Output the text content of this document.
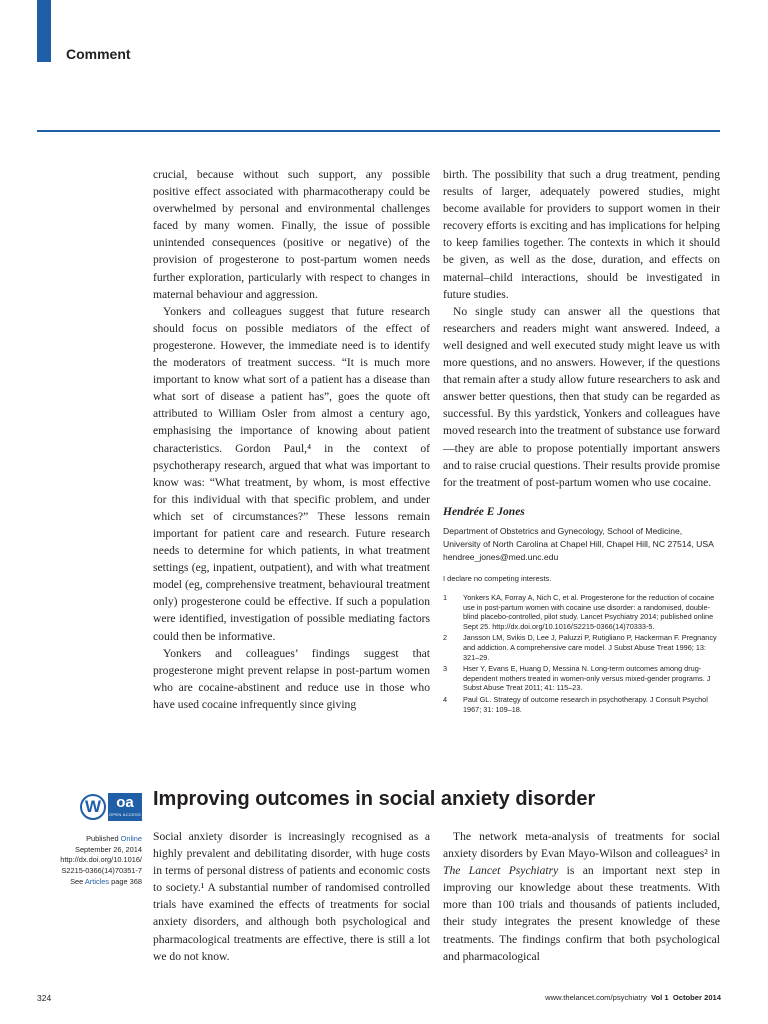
Comment

crucial, because without such support, any possible positive effect associated with pharmacotherapy could be overwhelmed by personal and environmental challenges faced by many women. Finally, the issue of possible unintended consequences (positive or negative) of the provision of progesterone to post-partum women needs further exploration, particularly with respect to changes in maternal behaviour and aggression.

Yonkers and colleagues suggest that future research should focus on possible mediators of the effect of progesterone. However, the immediate need is to identify the moderators of treatment success. “It is much more important to know what sort of a patient has a disease than what sort of disease a patient has”, goes the quote oft attributed to William Osler from almost a century ago, emphasising the importance of knowing about patient characteristics. Gordon Paul,⁴ in the context of psychotherapy research, argued that what was important to know was: “What treatment, by whom, is most effective for this individual with that specific problem, and under which set of circumstances?” These lessons remain important for patient care and research. Future research needs to determine for which patients, in what treatment settings (eg, inpatient, outpatient), and with what treatment model (eg, comprehensive treatment, behavioural treatment only) progesterone could be effective. If such a population were identified, investigation of possible mediating factors could then be informative.

Yonkers and colleagues’ findings suggest that progesterone might prevent relapse in post-partum women who are cocaine-abstinent and reduce use in those who have used cocaine infrequently since giving

birth. The possibility that such a drug treatment, pending results of larger, adequately powered studies, might become available for providers to support women in their recovery efforts is exciting and has implications for helping to keep families together. The contexts in which it should be given, as well as the dose, duration, and effects on maternal–child interactions, should be investigated in future studies.

No single study can answer all the questions that researchers and readers might want answered. Indeed, a well designed and well executed study might leave us with more questions, and no answers. However, if the questions that remain after a study allow future researchers to ask and answer better questions, then that study can be regarded as successful. By this yardstick, Yonkers and colleagues have moved research into the treatment of substance use forward—they are able to propose potentially important answers and to raise crucial questions. Their results provide promise for the treatment of post-partum women who use cocaine.

Hendrée E Jones
Department of Obstetrics and Gynecology, School of Medicine,
University of North Carolina at Chapel Hill, Chapel Hill, NC 27514, USA
hendree_jones@med.unc.edu
I declare no competing interests.
1	Yonkers KA, Forray A, Nich C, et al. Progesterone for the reduction of cocaine use in post-partum women with cocaine use disorder: a randomised, double-blind placebo-controlled, pilot study. Lancet Psychiatry 2014; published online Sept 25. http://dx.doi.org/10.1016/S2215-0366(14)70333-5.
2	Jansson LM, Svikis D, Lee J, Paluzzi P, Rutigliano P, Hackerman F. Pregnancy and addiction. A comprehensive care model. J Subst Abuse Treat 1996; 13: 321–29.
3	Hser Y, Evans E, Huang D, Messina N. Long-term outcomes among drug-dependent mothers treated in women-only versus mixed-gender programs. J Subst Abuse Treat 2011; 41: 115–23.
4	Paul GL. Strategy of outcome research in psychotherapy. J Consult Psychol 1967; 31: 109–18.
W	oa
OPEN ACCESS
Improving outcomes in social anxiety disorder
Published Online
September 26, 2014
http://dx.doi.org/10.1016/
S2215-0366(14)70351-7
See Articles page 368

Social anxiety disorder is increasingly recognised as a highly prevalent and debilitating disorder, with huge costs in terms of personal distress of patients and economic costs to society.¹ A substantial number of randomised controlled trials have examined the effects of treatments for social anxiety disorders, and although both psychological and pharmacological treatments are effective, there is still a lot we do not know.

The network meta-analysis of treatments for social anxiety disorders by Evan Mayo-Wilson and colleagues² in The Lancet Psychiatry is an important next step in improving our knowledge about these treatments. With more than 100 trials and thousands of patients included, their study integrates the present knowledge of these treatments. The findings confirm that both psychological and pharmacological

324	www.thelancet.com/psychiatry Vol 1 October 2014
